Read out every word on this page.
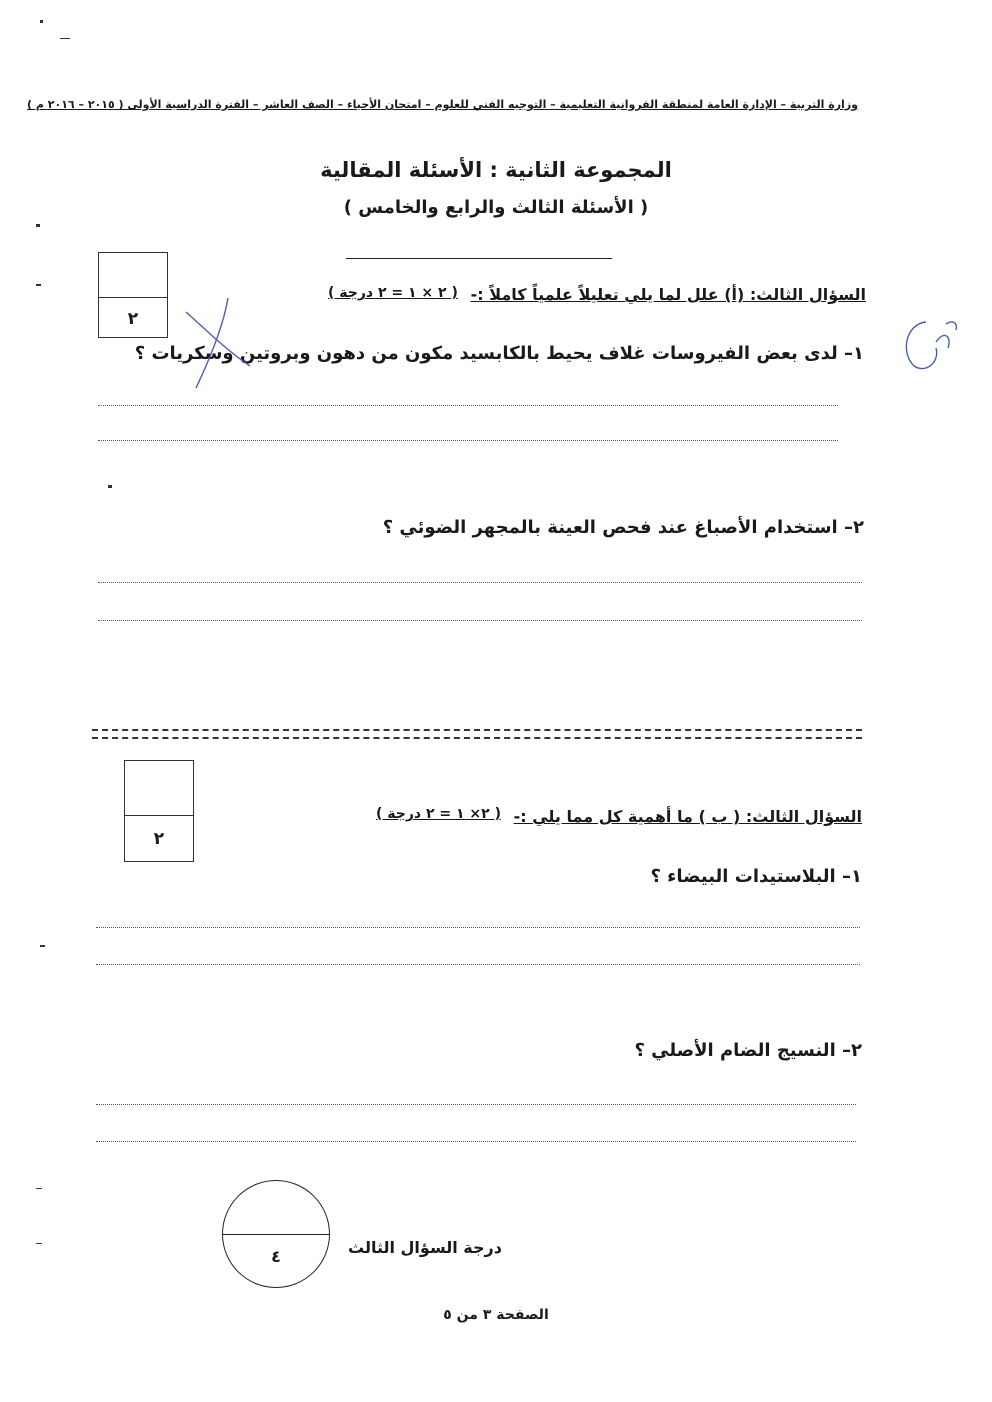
وزارة التربية – الإدارة العامة لمنطقة الفروانية التعليمية – التوجيه الفني للعلوم – امتحان الأحياء – الصف العاشر – الفترة الدراسية الأولى ( ٢٠١٥ – ٢٠١٦ م )
المجموعة الثانية : الأسئلة المقالية
( الأسئلة الثالث والرابع والخامس )
٢
السؤال الثالث: (أ) علل لما يلي تعليلاً علمياً كاملاً :-
( ٢ × ١ = ٢ درجة )
١– لدى بعض الفيروسات غلاف يحيط بالكابسيد مكون من دهون وبروتين وسكريات ؟
٢– استخدام الأصباغ عند فحص العينة بالمجهر الضوئي ؟
٢
السؤال الثالث: ( ب ) ما أهمية كل مما يلي :-
( ٢× ١ = ٢ درجة )
١– البلاستيدات البيضاء ؟
٢– النسيج الضام الأصلي ؟
٤	درجة السؤال الثالث
الصفحة ٣ من ٥
